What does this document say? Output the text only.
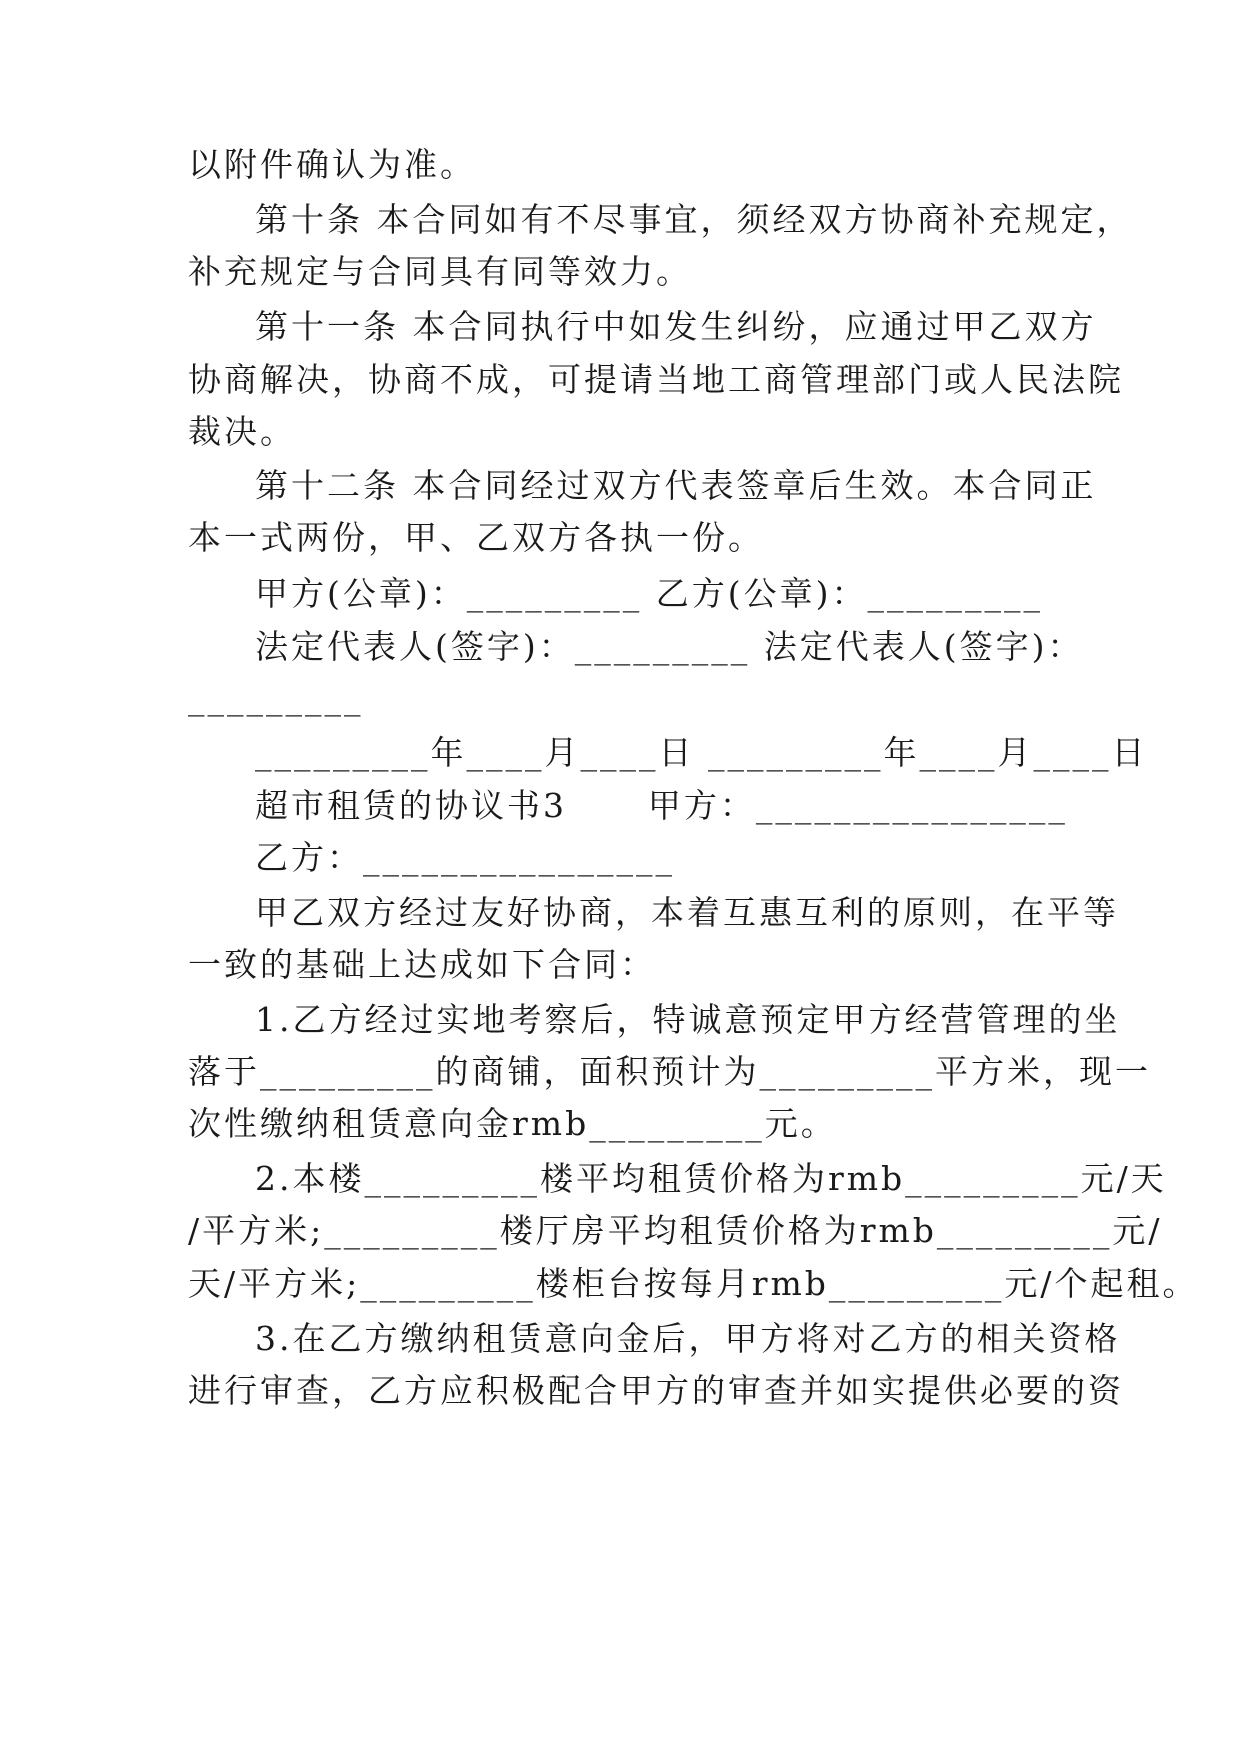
以附件确认为准。
第十条 本合同如有不尽事宜，须经双方协商补充规定，
补充规定与合同具有同等效力。
第十一条 本合同执行中如发生纠纷，应通过甲乙双方
协商解决，协商不成，可提请当地工商管理部门或人民法院
裁决。
第十二条 本合同经过双方代表签章后生效。本合同正
本一式两份，甲、乙双方各执一份。
甲方(公章)：_________ 乙方(公章)：_________
法定代表人(签字)：_________ 法定代表人(签字)：
_________
_________年____月____日 _________年____月____日
超市租赁的协议书3      甲方：________________
乙方：________________
甲乙双方经过友好协商，本着互惠互利的原则，在平等
一致的基础上达成如下合同：
1.乙方经过实地考察后，特诚意预定甲方经营管理的坐
落于_________的商铺，面积预计为_________平方米，现一
次性缴纳租赁意向金rmb_________元。
2.本楼_________楼平均租赁价格为rmb_________元/天
/平方米;_________楼厅房平均租赁价格为rmb_________元/
天/平方米;_________楼柜台按每月rmb_________元/个起租。
3.在乙方缴纳租赁意向金后，甲方将对乙方的相关资格
进行审查，乙方应积极配合甲方的审查并如实提供必要的资
